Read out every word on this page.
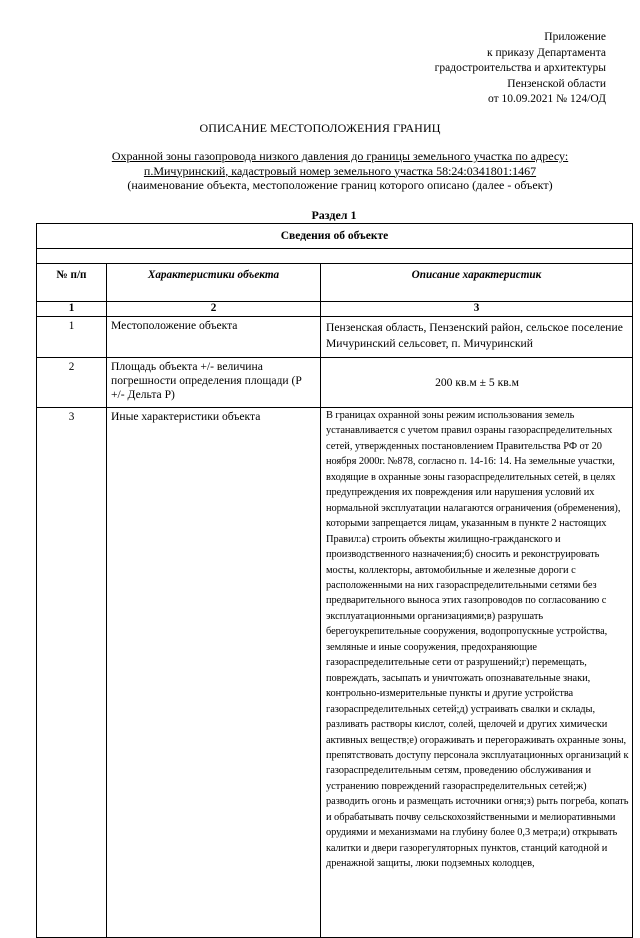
Приложение
к приказу Департамента
градостроительства и архитектуры
Пензенской области
от 10.09.2021 № 124/ОД
ОПИСАНИЕ МЕСТОПОЛОЖЕНИЯ ГРАНИЦ
Охранной зоны газопровода низкого давления до границы земельного участка по адресу:
п.Мичуринский, кадастровый номер земельного участка 58:24:0341801:1467
(наименование объекта, местоположение границ которого описано (далее - объект)
Раздел 1
Сведения об объекте		

№ п/п	Характеристики объекта	Описание характеристик
1	2	3
1	Местоположение объекта	Пензенская область, Пензенский район, сельское поселение Мичуринский сельсовет, п. Мичуринский
2	Площадь объекта +/- величина погрешности определения площади (Р +/- Дельта Р)	200 кв.м ± 5 кв.м
3	Иные характеристики объекта	В границах охранной зоны режим использования земель устанавливается с учетом правил озраны газораспределительных сетей, утвержденных постановлением Правительства РФ от 20 ноября 2000г. №878, согласно п. 14-16: 14. На земельные участки, входящие в охранные зоны газораспределительных сетей, в целях предупреждения их повреждения или нарушения условий их нормальной эксплуатации налагаются ограничения (обременения), которыми запрещается лицам, указанным в пункте 2 настоящих Правил:а) строить объекты жилищно-гражданского и производственного назначения;б) сносить и реконструировать мосты, коллекторы, автомобильные и железные дороги с расположенными на них газораспределительными сетями без предварительного выноса этих газопроводов по согласованию с эксплуатационными организациями;в) разрушать берегоукрепительные сооружения, водопропускные устройства, земляные и иные сооружения, предохраняющие газораспределительные сети от разрушений;г) перемещать, повреждать, засыпать и уничтожать опознавательные знаки, контрольно-измерительные пункты и другие устройства газораспределительных сетей;д) устраивать свалки и склады, разливать растворы кислот, солей, щелочей и других химически активных веществ;е) огораживать и перегораживать охранные зоны, препятствовать доступу персонала эксплуатационных организаций к газораспределительным сетям, проведению обслуживания и устранению повреждений газораспределительных сетей;ж) разводить огонь и размещать источники огня;з) рыть погреба, копать и обрабатывать почву сельскохозяйственными и мелиоративными орудиями и механизмами на глубину более 0,3 метра;и) открывать калитки и двери газорегуляторных пунктов, станций катодной и дренажной защиты, люки подземных колодцев,
